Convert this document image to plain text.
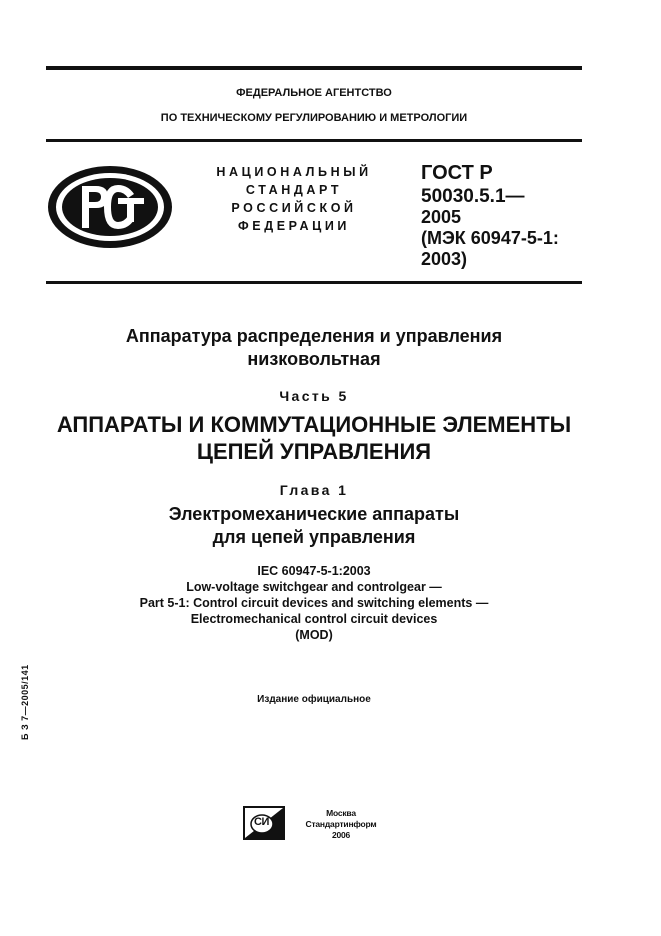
ФЕДЕРАЛЬНОЕ АГЕНТСТВО
ПО ТЕХНИЧЕСКОМУ РЕГУЛИРОВАНИЮ И МЕТРОЛОГИИ
НАЦИОНАЛЬНЫЙ
СТАНДАРТ
РОССИЙСКОЙ
ФЕДЕРАЦИИ
ГОСТ Р
50030.5.1—
2005
(МЭК 60947-5-1:
2003)
Аппаратура распределения и управления
низковольтная
Часть 5
АППАРАТЫ И КОММУТАЦИОННЫЕ ЭЛЕМЕНТЫ
ЦЕПЕЙ УПРАВЛЕНИЯ
Глава 1
Электромеханические аппараты
для цепей управления
IEC 60947-5-1:2003
Low-voltage switchgear and controlgear —
Part 5-1: Control circuit devices and switching elements —
Electromechanical control circuit devices
(MOD)
Издание официальное
Б З 7—2005/141
СИ
Москва
Стандартинформ
2006
